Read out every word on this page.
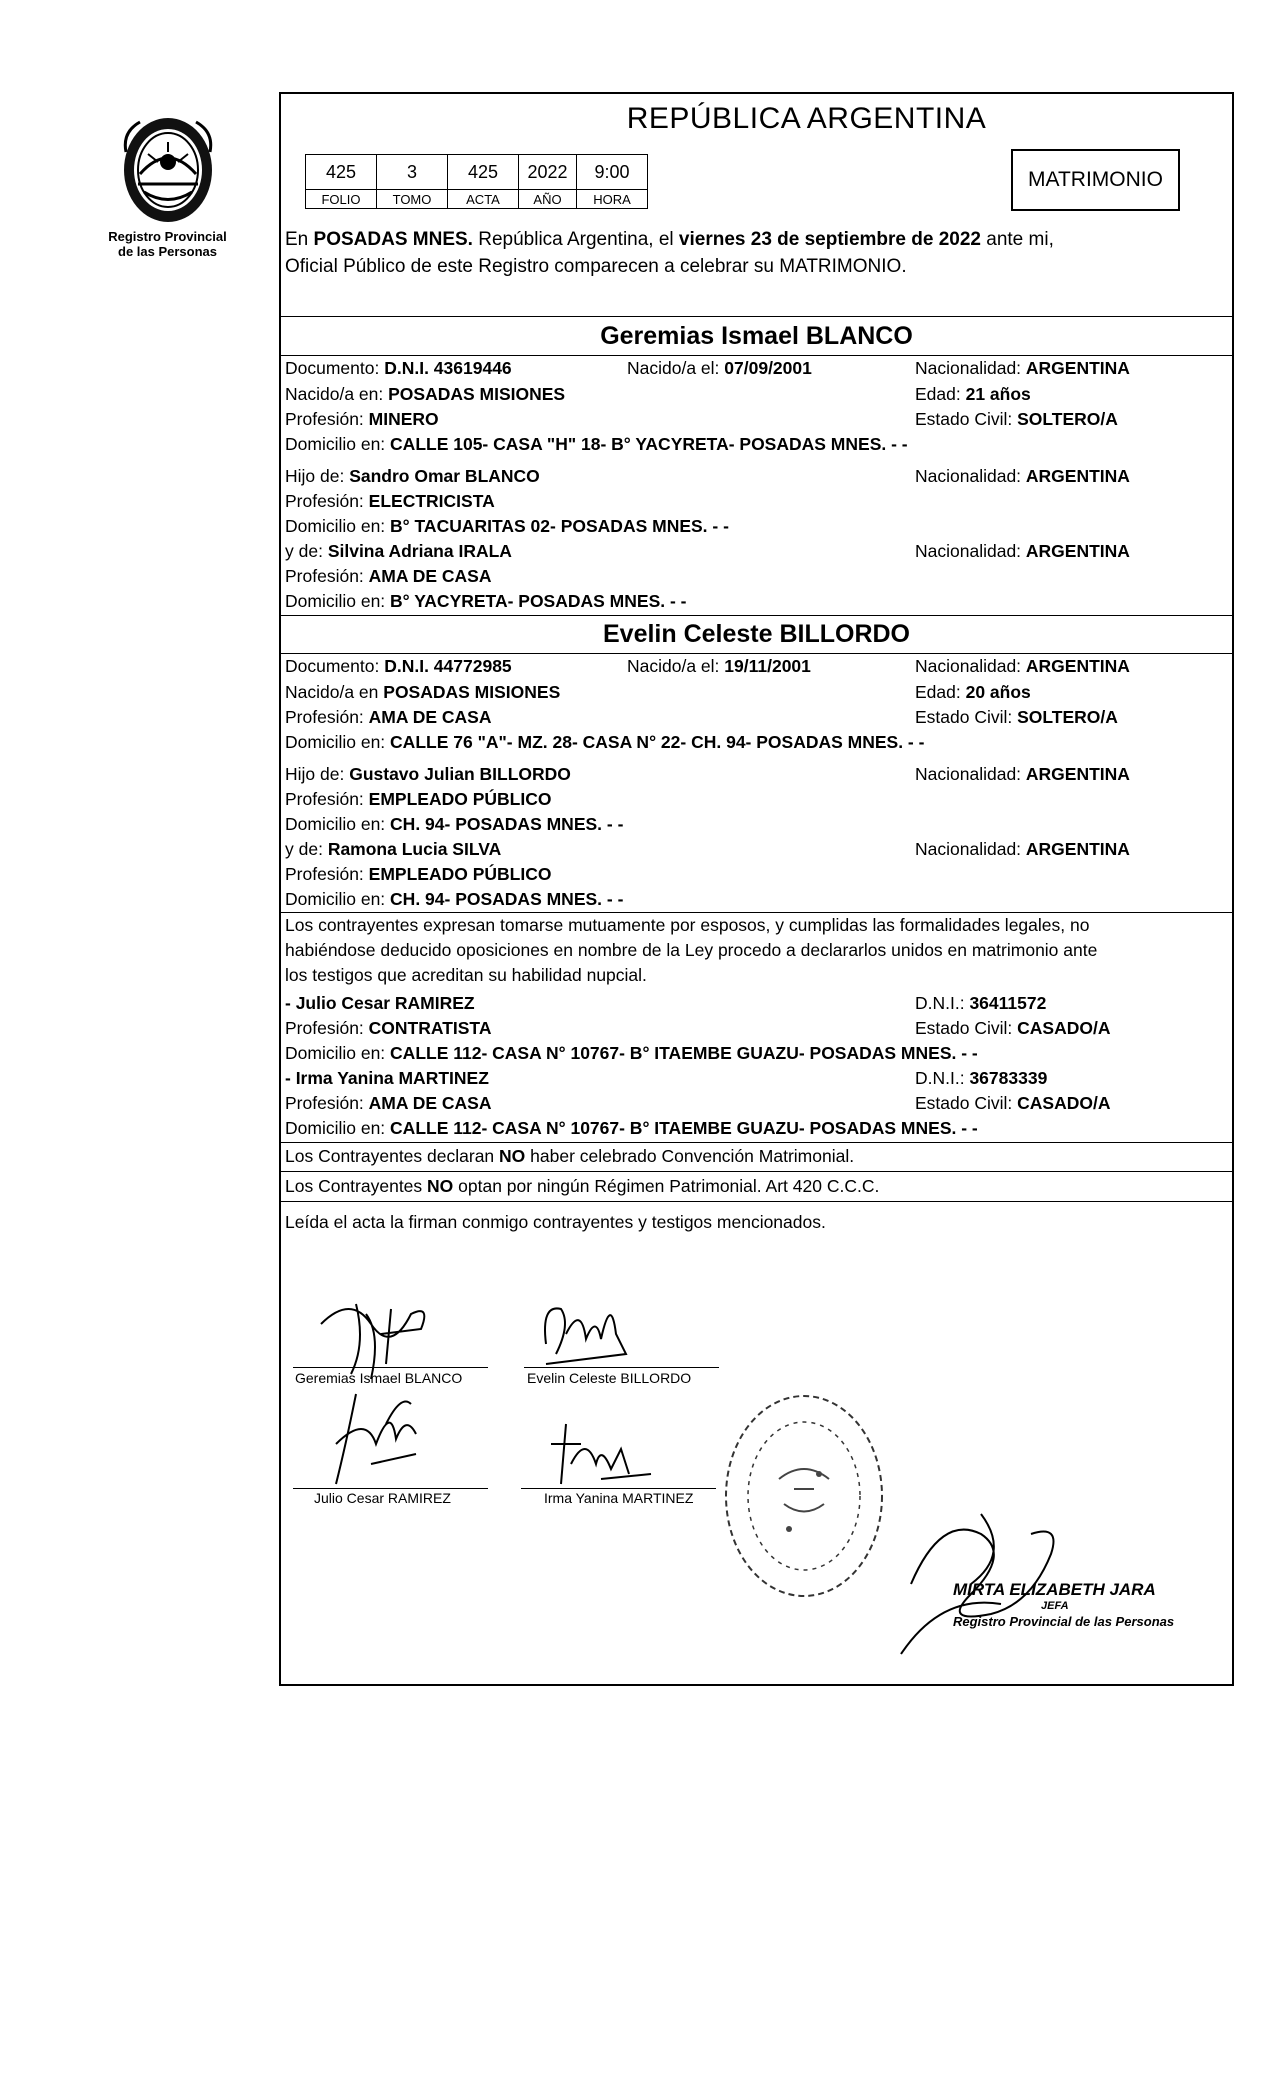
Registro Provincial
de las Personas
REPÚBLICA ARGENTINA
425	3	425	2022	9:00
FOLIO	TOMO	ACTA	AÑO	HORA
MATRIMONIO
En POSADAS MNES. República Argentina, el viernes 23 de septiembre de 2022 ante mi,
Oficial Público de este Registro comparecen a celebrar su MATRIMONIO.
Geremias Ismael BLANCO
Documento: D.N.I. 43619446	Nacido/a el: 07/09/2001	Nacionalidad: ARGENTINA
Nacido/a en: POSADAS MISIONES	Edad: 21 años
Profesión: MINERO	Estado Civil: SOLTERO/A
Domicilio en: CALLE 105- CASA "H" 18- B° YACYRETA- POSADAS MNES. - -
Hijo de: Sandro Omar BLANCO	Nacionalidad: ARGENTINA
Profesión: ELECTRICISTA
Domicilio en: B° TACUARITAS 02- POSADAS MNES. - -
y de: Silvina Adriana IRALA	Nacionalidad: ARGENTINA
Profesión: AMA DE CASA
Domicilio en: B° YACYRETA- POSADAS MNES. - -
Evelin Celeste BILLORDO
Documento: D.N.I. 44772985	Nacido/a el: 19/11/2001	Nacionalidad: ARGENTINA
Nacido/a en POSADAS MISIONES	Edad: 20 años
Profesión: AMA DE CASA	Estado Civil: SOLTERO/A
Domicilio en: CALLE 76 "A"- MZ. 28- CASA N° 22- CH. 94- POSADAS MNES. - -
Hijo de: Gustavo Julian BILLORDO	Nacionalidad: ARGENTINA
Profesión: EMPLEADO PÚBLICO
Domicilio en: CH. 94- POSADAS MNES. - -
y de: Ramona Lucia SILVA	Nacionalidad: ARGENTINA
Profesión: EMPLEADO PÚBLICO
Domicilio en: CH. 94- POSADAS MNES. - -
Los contrayentes expresan tomarse mutuamente por esposos, y cumplidas las formalidades legales, no
habiéndose deducido oposiciones en nombre de la Ley procedo a declararlos unidos en matrimonio ante
los testigos que acreditan su habilidad nupcial.
- Julio Cesar RAMIREZ	D.N.I.: 36411572
Profesión: CONTRATISTA	Estado Civil: CASADO/A
Domicilio en: CALLE 112- CASA N° 10767- B° ITAEMBE GUAZU- POSADAS MNES. - -
- Irma Yanina MARTINEZ	D.N.I.: 36783339
Profesión: AMA DE CASA	Estado Civil: CASADO/A
Domicilio en: CALLE 112- CASA N° 10767- B° ITAEMBE GUAZU- POSADAS MNES. - -
Los Contrayentes declaran NO haber celebrado Convención Matrimonial.
Los Contrayentes NO optan por ningún Régimen Patrimonial. Art 420 C.C.C.
Leída el acta la firman conmigo contrayentes y testigos mencionados.
Geremias Ismael BLANCO	Evelin Celeste BILLORDO
Julio Cesar RAMIREZ	Irma Yanina MARTINEZ
MIRTA ELIZABETH JARA
JEFA
Registro Provincial de las Personas
